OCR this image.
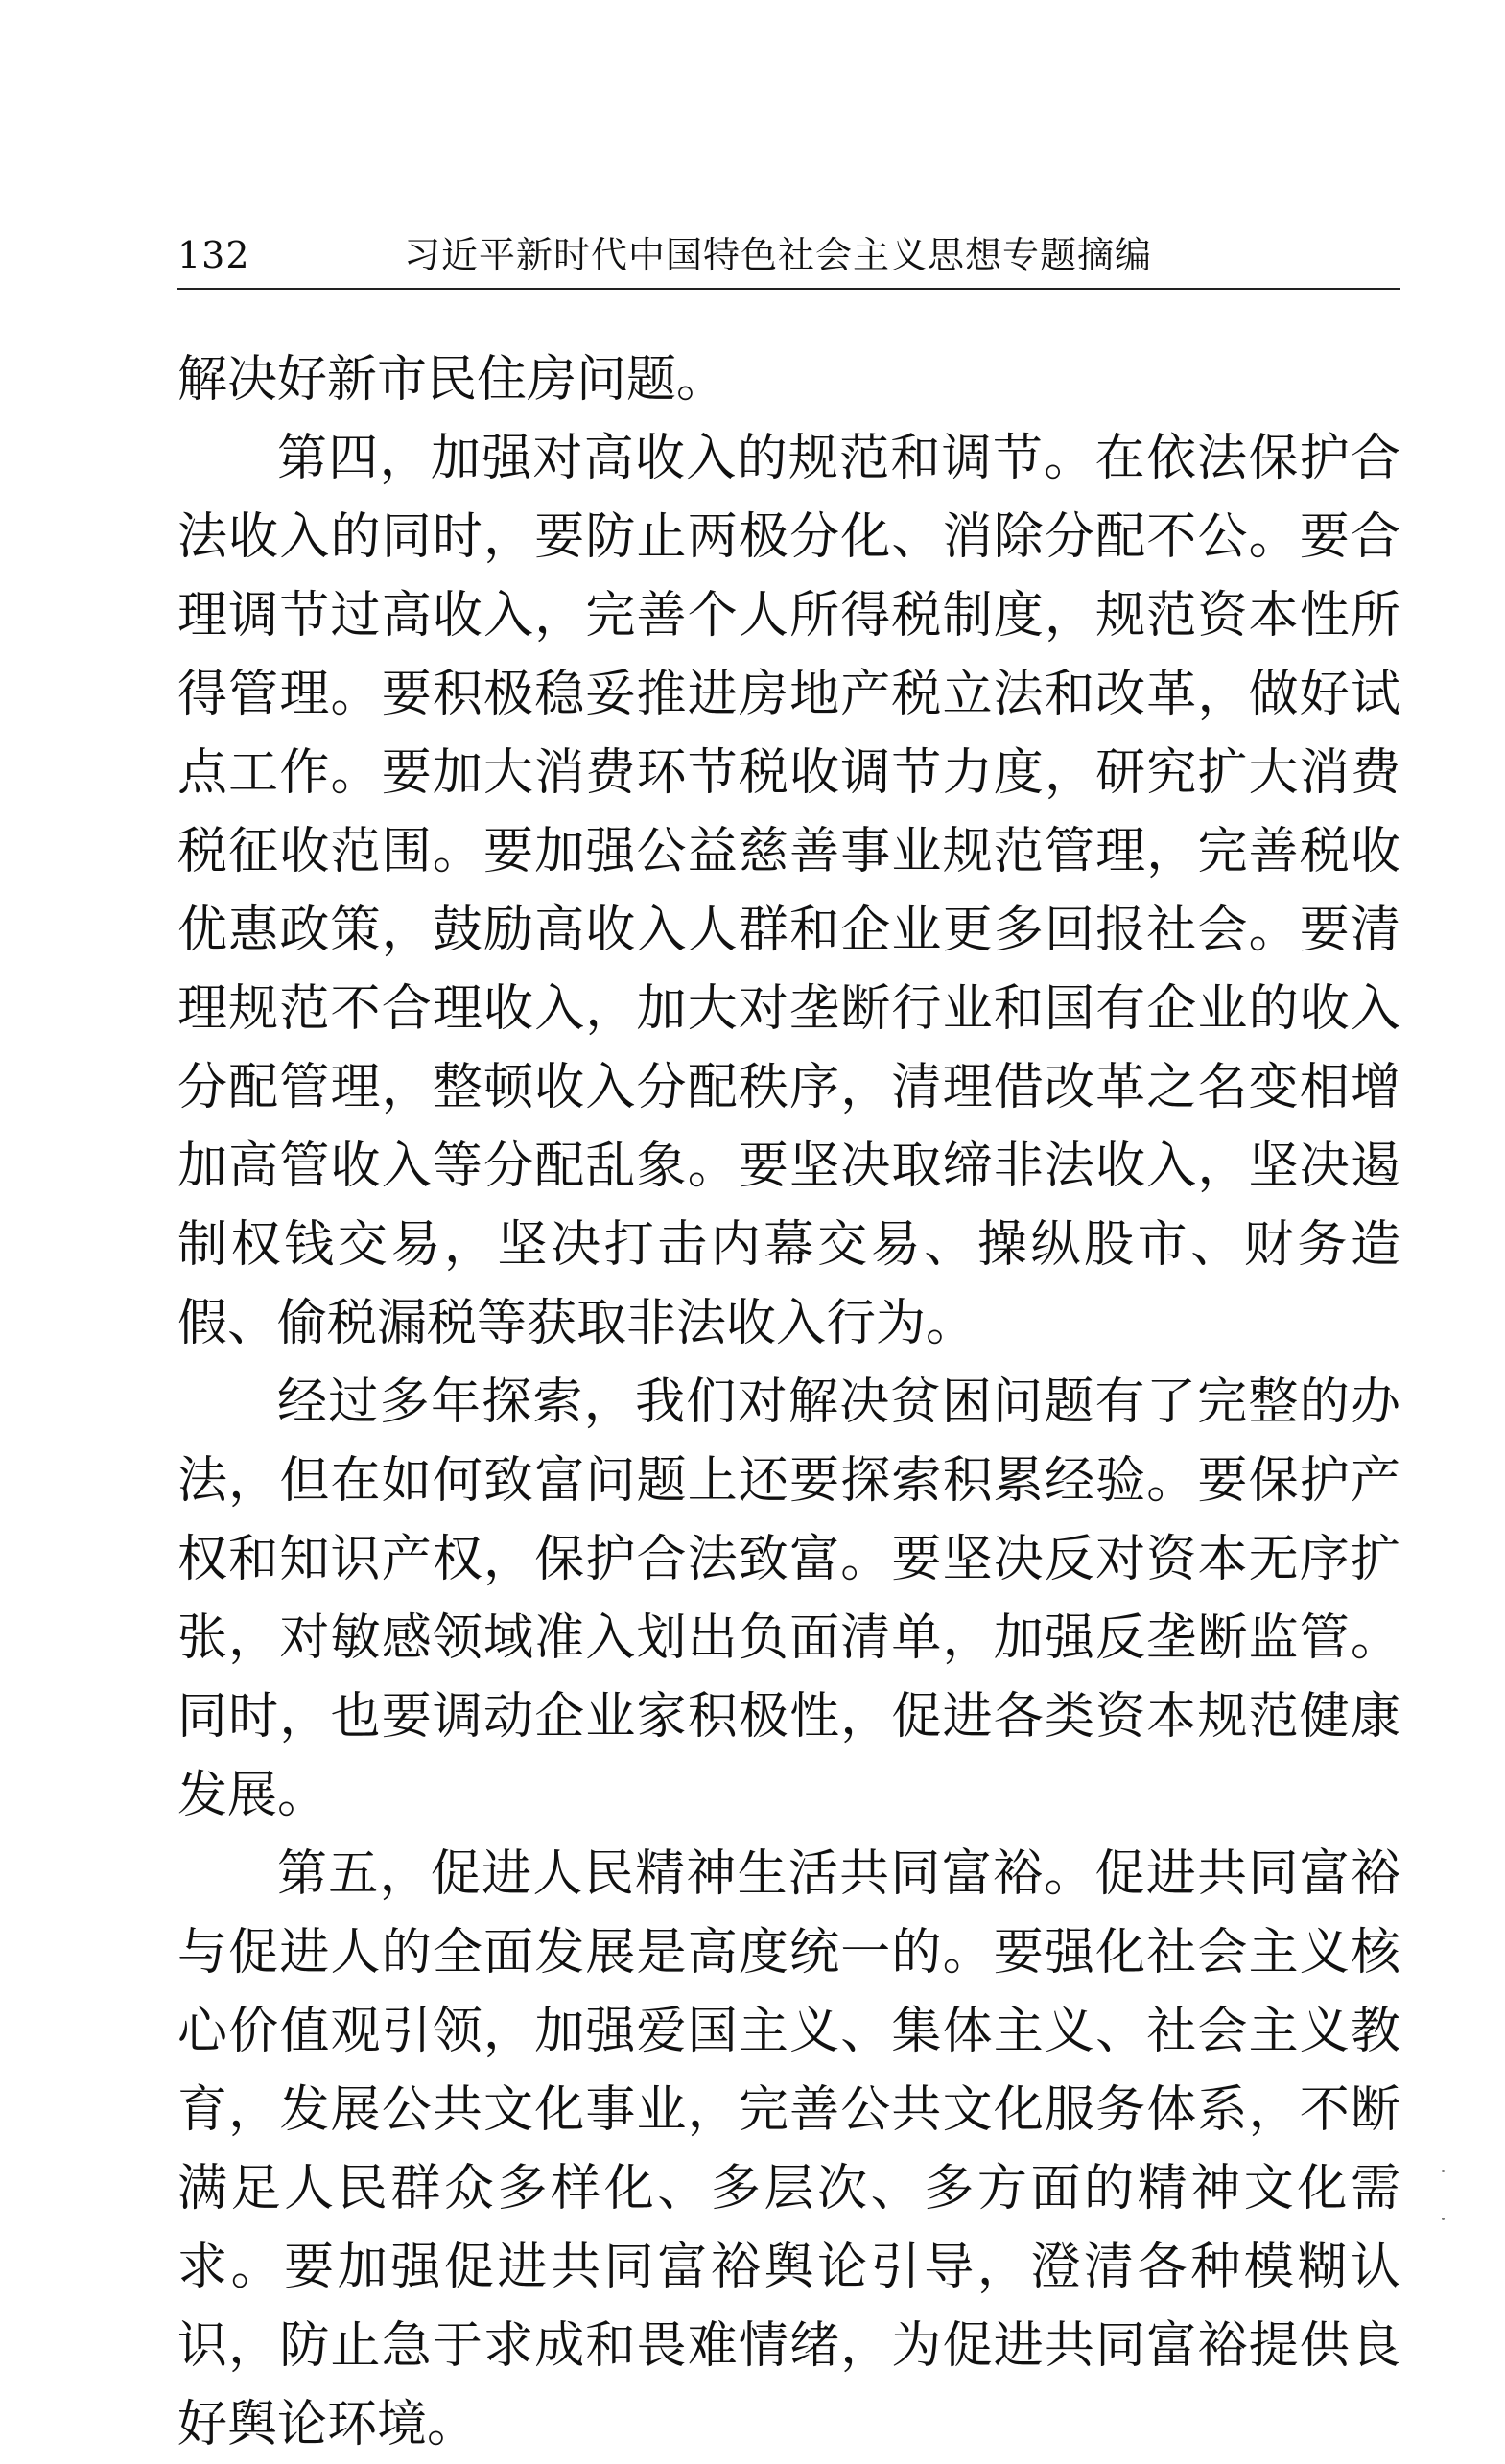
132	习近平新时代中国特色社会主义思想专题摘编

解决好新市民住房问题。

第四，加强对高收入的规范和调节。在依法保护合法收入的同时，要防止两极分化、消除分配不公。要合理调节过高收入，完善个人所得税制度，规范资本性所得管理。要积极稳妥推进房地产税立法和改革，做好试点工作。要加大消费环节税收调节力度，研究扩大消费税征收范围。要加强公益慈善事业规范管理，完善税收优惠政策，鼓励高收入人群和企业更多回报社会。要清理规范不合理收入，加大对垄断行业和国有企业的收入分配管理，整顿收入分配秩序，清理借改革之名变相增加高管收入等分配乱象。要坚决取缔非法收入，坚决遏制权钱交易，坚决打击内幕交易、操纵股市、财务造假、偷税漏税等获取非法收入行为。

经过多年探索，我们对解决贫困问题有了完整的办法，但在如何致富问题上还要探索积累经验。要保护产权和知识产权，保护合法致富。要坚决反对资本无序扩张，对敏感领域准入划出负面清单，加强反垄断监管。同时，也要调动企业家积极性，促进各类资本规范健康发展。

第五，促进人民精神生活共同富裕。促进共同富裕与促进人的全面发展是高度统一的。要强化社会主义核心价值观引领，加强爱国主义、集体主义、社会主义教育，发展公共文化事业，完善公共文化服务体系，不断满足人民群众多样化、多层次、多方面的精神文化需求。要加强促进共同富裕舆论引导，澄清各种模糊认识，防止急于求成和畏难情绪，为促进共同富裕提供良好舆论环境。
